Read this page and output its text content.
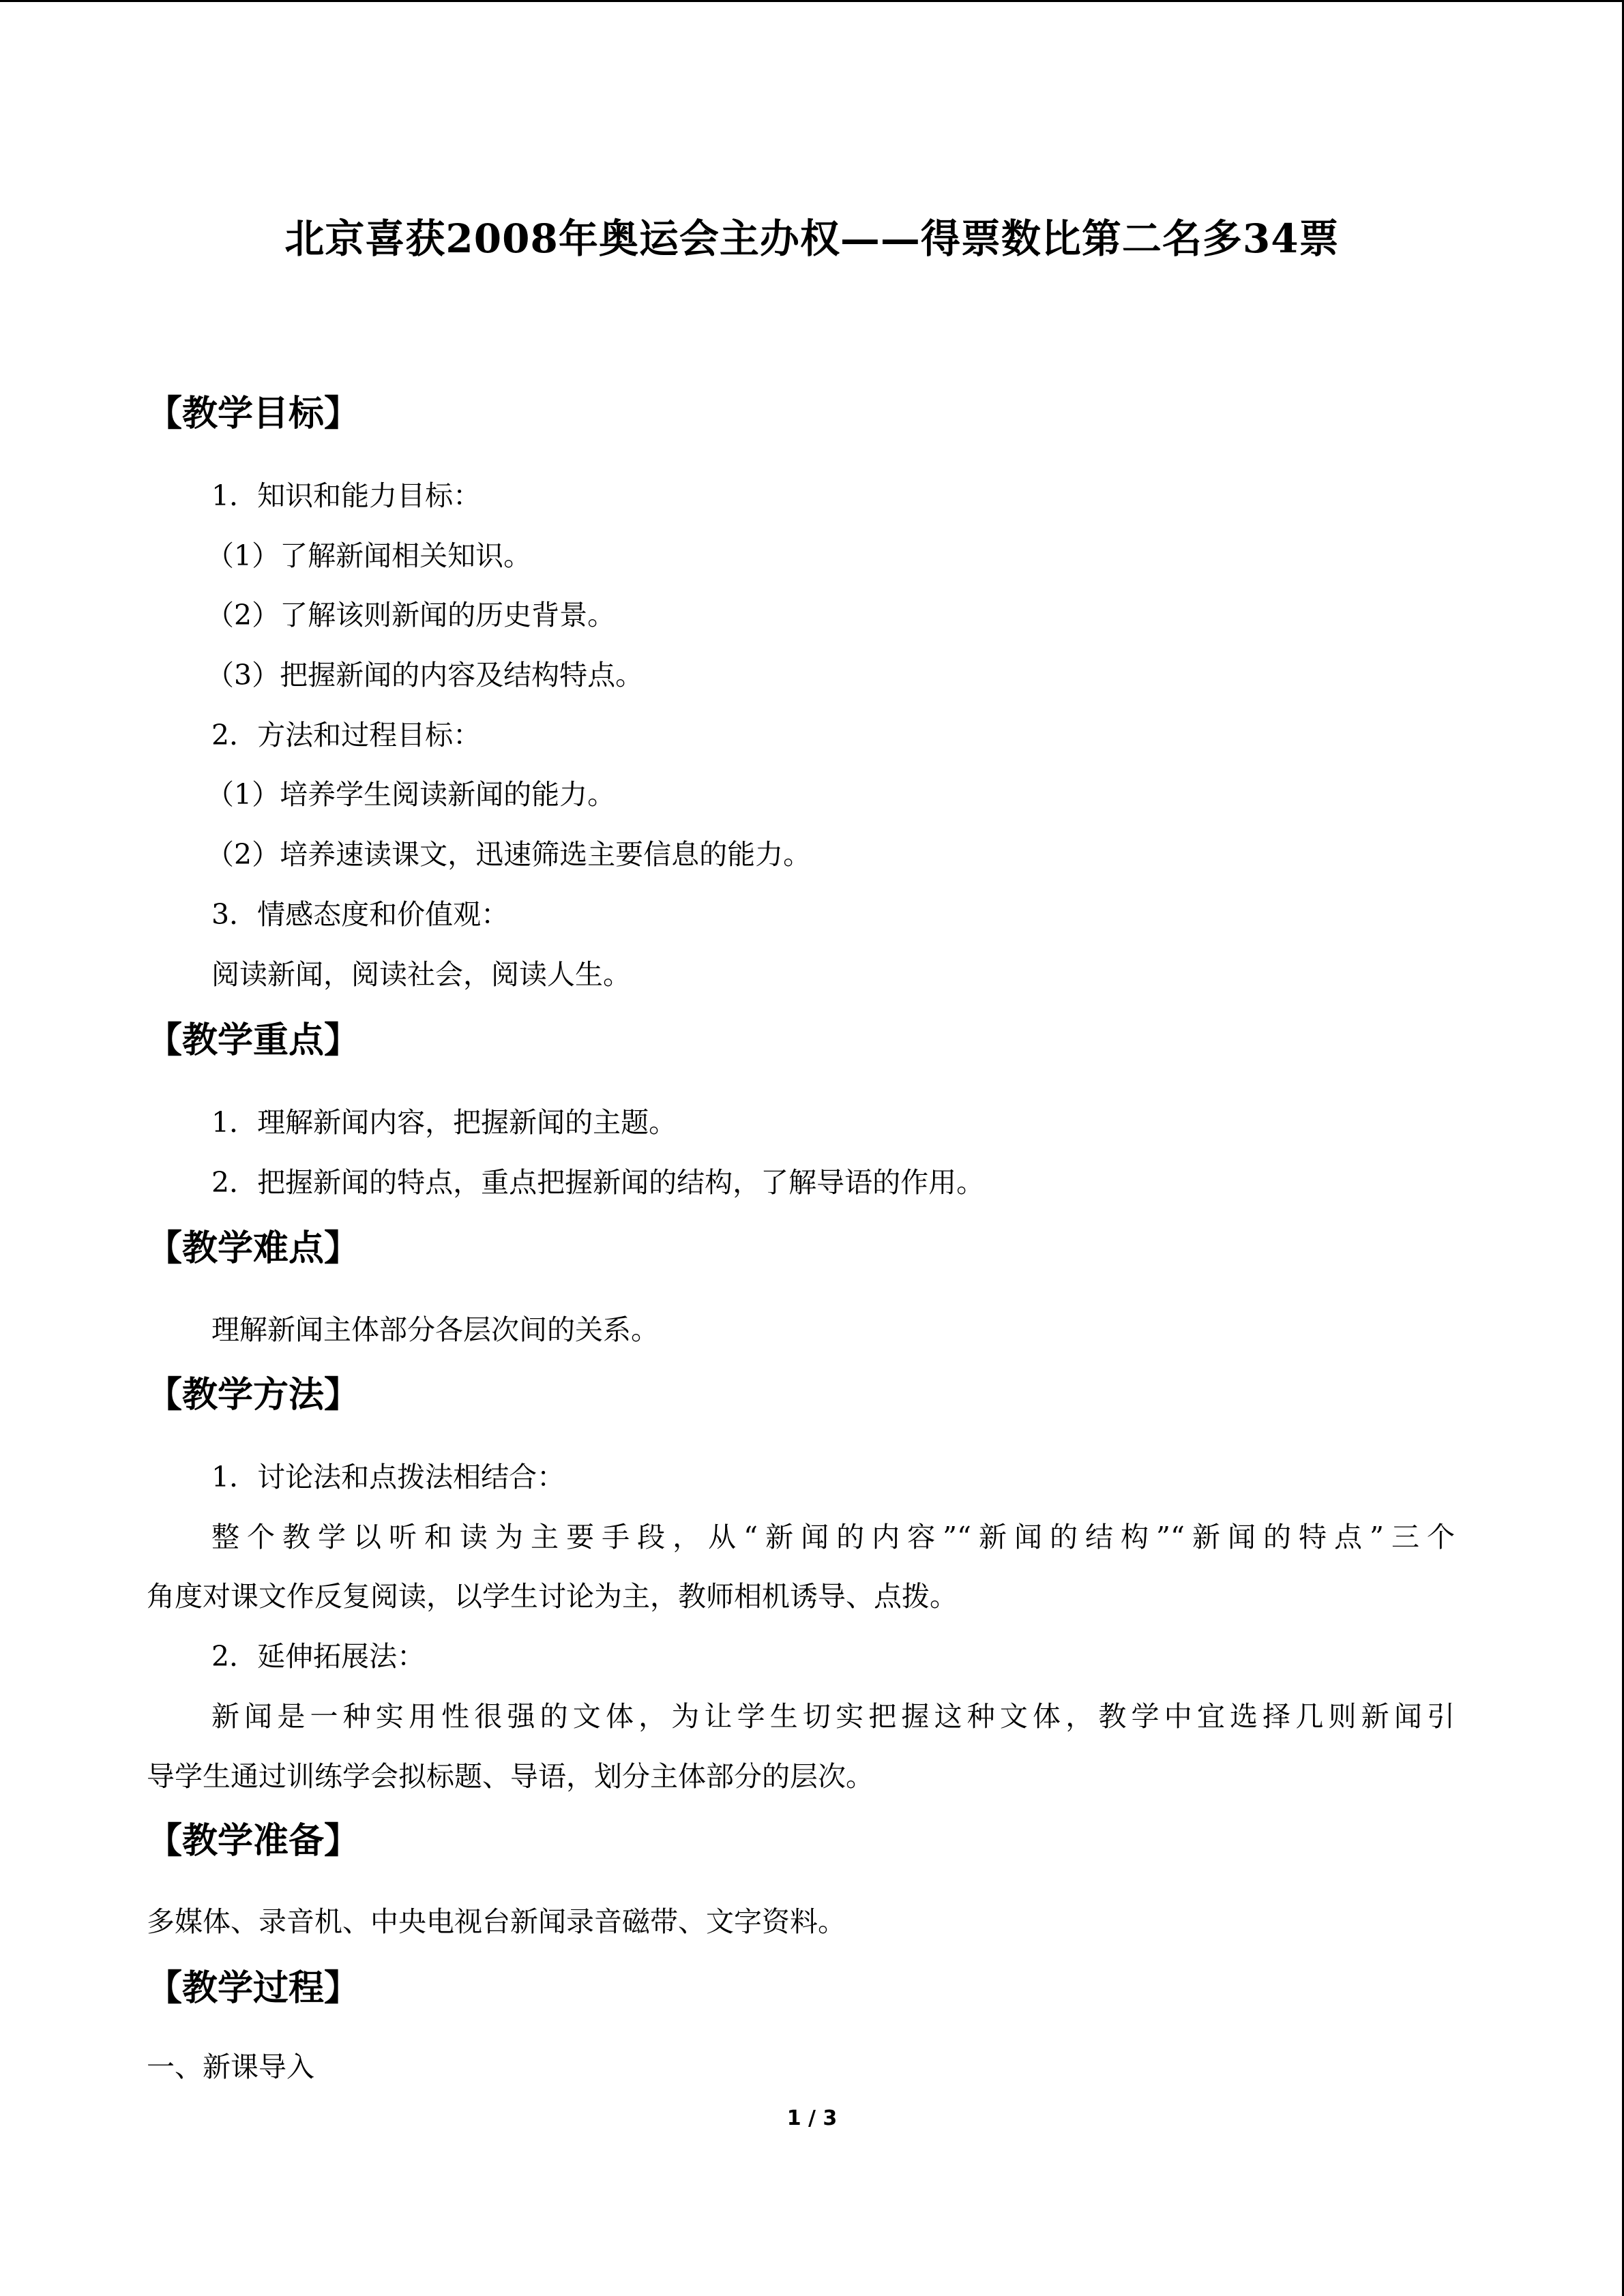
北京喜获2008年奥运会主办权——得票数比第二名多34票
【教学目标】
1．知识和能力目标：
（1）了解新闻相关知识。
（2）了解该则新闻的历史背景。
（3）把握新闻的内容及结构特点。
2．方法和过程目标：
（1）培养学生阅读新闻的能力。
（2）培养速读课文，迅速筛选主要信息的能力。
3．情感态度和价值观：
阅读新闻，阅读社会，阅读人生。
【教学重点】
1．理解新闻内容，把握新闻的主题。
2．把握新闻的特点，重点把握新闻的结构，了解导语的作用。
【教学难点】
理解新闻主体部分各层次间的关系。
【教学方法】
1．讨论法和点拨法相结合：
整个教学以听和读为主要手段，从“新闻的内容”“新闻的结构”“新闻的特点”三个
角度对课文作反复阅读，以学生讨论为主，教师相机诱导、点拨。
2．延伸拓展法：
新闻是一种实用性很强的文体，为让学生切实把握这种文体，教学中宜选择几则新闻引
导学生通过训练学会拟标题、导语，划分主体部分的层次。
【教学准备】
多媒体、录音机、中央电视台新闻录音磁带、文字资料。
【教学过程】
一、新课导入
1 / 3
